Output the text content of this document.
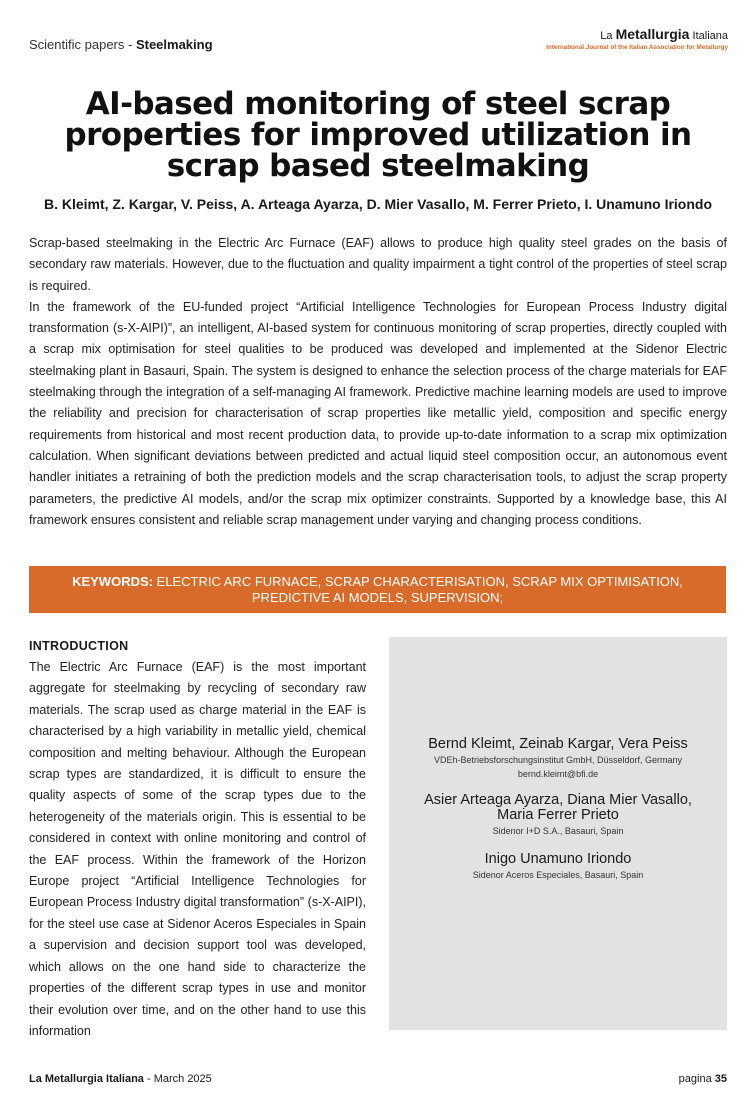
Scientific papers - Steelmaking
La Metallurgia Italiana
International Journal of the Italian Association for Metallurgy
AI-based monitoring of steel scrap properties for improved utilization in scrap based steelmaking
B. Kleimt, Z. Kargar, V. Peiss, A. Arteaga Ayarza, D. Mier Vasallo, M. Ferrer Prieto, I. Unamuno Iriondo

Scrap-based steelmaking in the Electric Arc Furnace (EAF) allows to produce high quality steel grades on the basis of secondary raw materials. However, due to the fluctuation and quality impairment a tight control of the properties of steel scrap is required.

In the framework of the EU-funded project “Artificial Intelligence Technologies for European Process Industry digital transformation (s-X-AIPI)”, an intelligent, AI-based system for continuous monitoring of scrap properties, directly coupled with a scrap mix optimisation for steel qualities to be produced was developed and implemented at the Sidenor Electric steelmaking plant in Basauri, Spain. The system is designed to enhance the selection process of the charge materials for EAF steelmaking through the integration of a self-managing AI framework. Predictive machine learning models are used to improve the reliability and precision for characterisation of scrap properties like metallic yield, composition and specific energy requirements from historical and most recent production data, to provide up-to-date information to a scrap mix optimization calculation. When significant deviations between predicted and actual liquid steel composition occur, an autonomous event handler initiates a retraining of both the prediction models and the scrap characterisation tools, to adjust the scrap property parameters, the predictive AI models, and/or the scrap mix optimizer constraints. Supported by a knowledge base, this AI framework ensures consistent and reliable scrap management under varying and changing process conditions.

KEYWORDS: ELECTRIC ARC FURNACE, SCRAP CHARACTERISATION, SCRAP MIX OPTIMISATION,
PREDICTIVE AI MODELS, SUPERVISION;
INTRODUCTION
The Electric Arc Furnace (EAF) is the most important aggregate for steelmaking by recycling of secondary raw materials. The scrap used as charge material in the EAF is characterised by a high variability in metallic yield, chemical composition and melting behaviour. Although the European scrap types are standardized, it is difficult to ensure the quality aspects of some of the scrap types due to the heterogeneity of the materials origin. This is essential to be considered in context with online monitoring and control of the EAF process. Within the framework of the Horizon Europe project “Artificial Intelligence Technologies for European Process Industry digital transformation” (s-X-AIPI), for the steel use case at Sidenor Aceros Especiales in Spain a supervision and decision support tool was developed, which allows on the one hand side to characterize the properties of the different scrap types in use and monitor their evolution over time, and on the other hand to use this information
Bernd Kleimt, Zeinab Kargar, Vera Peiss
VDEh-Betriebsforschungsinstitut GmbH, Düsseldorf, Germany
bernd.kleimt@bfi.de
Asier Arteaga Ayarza, Diana Mier Vasallo,
Maria Ferrer Prieto
Sidenor I+D S.A., Basauri, Spain
Inigo Unamuno Iriondo
Sidenor Aceros Especiales, Basauri, Spain
La Metallurgia Italiana - March 2025	pagina 35
